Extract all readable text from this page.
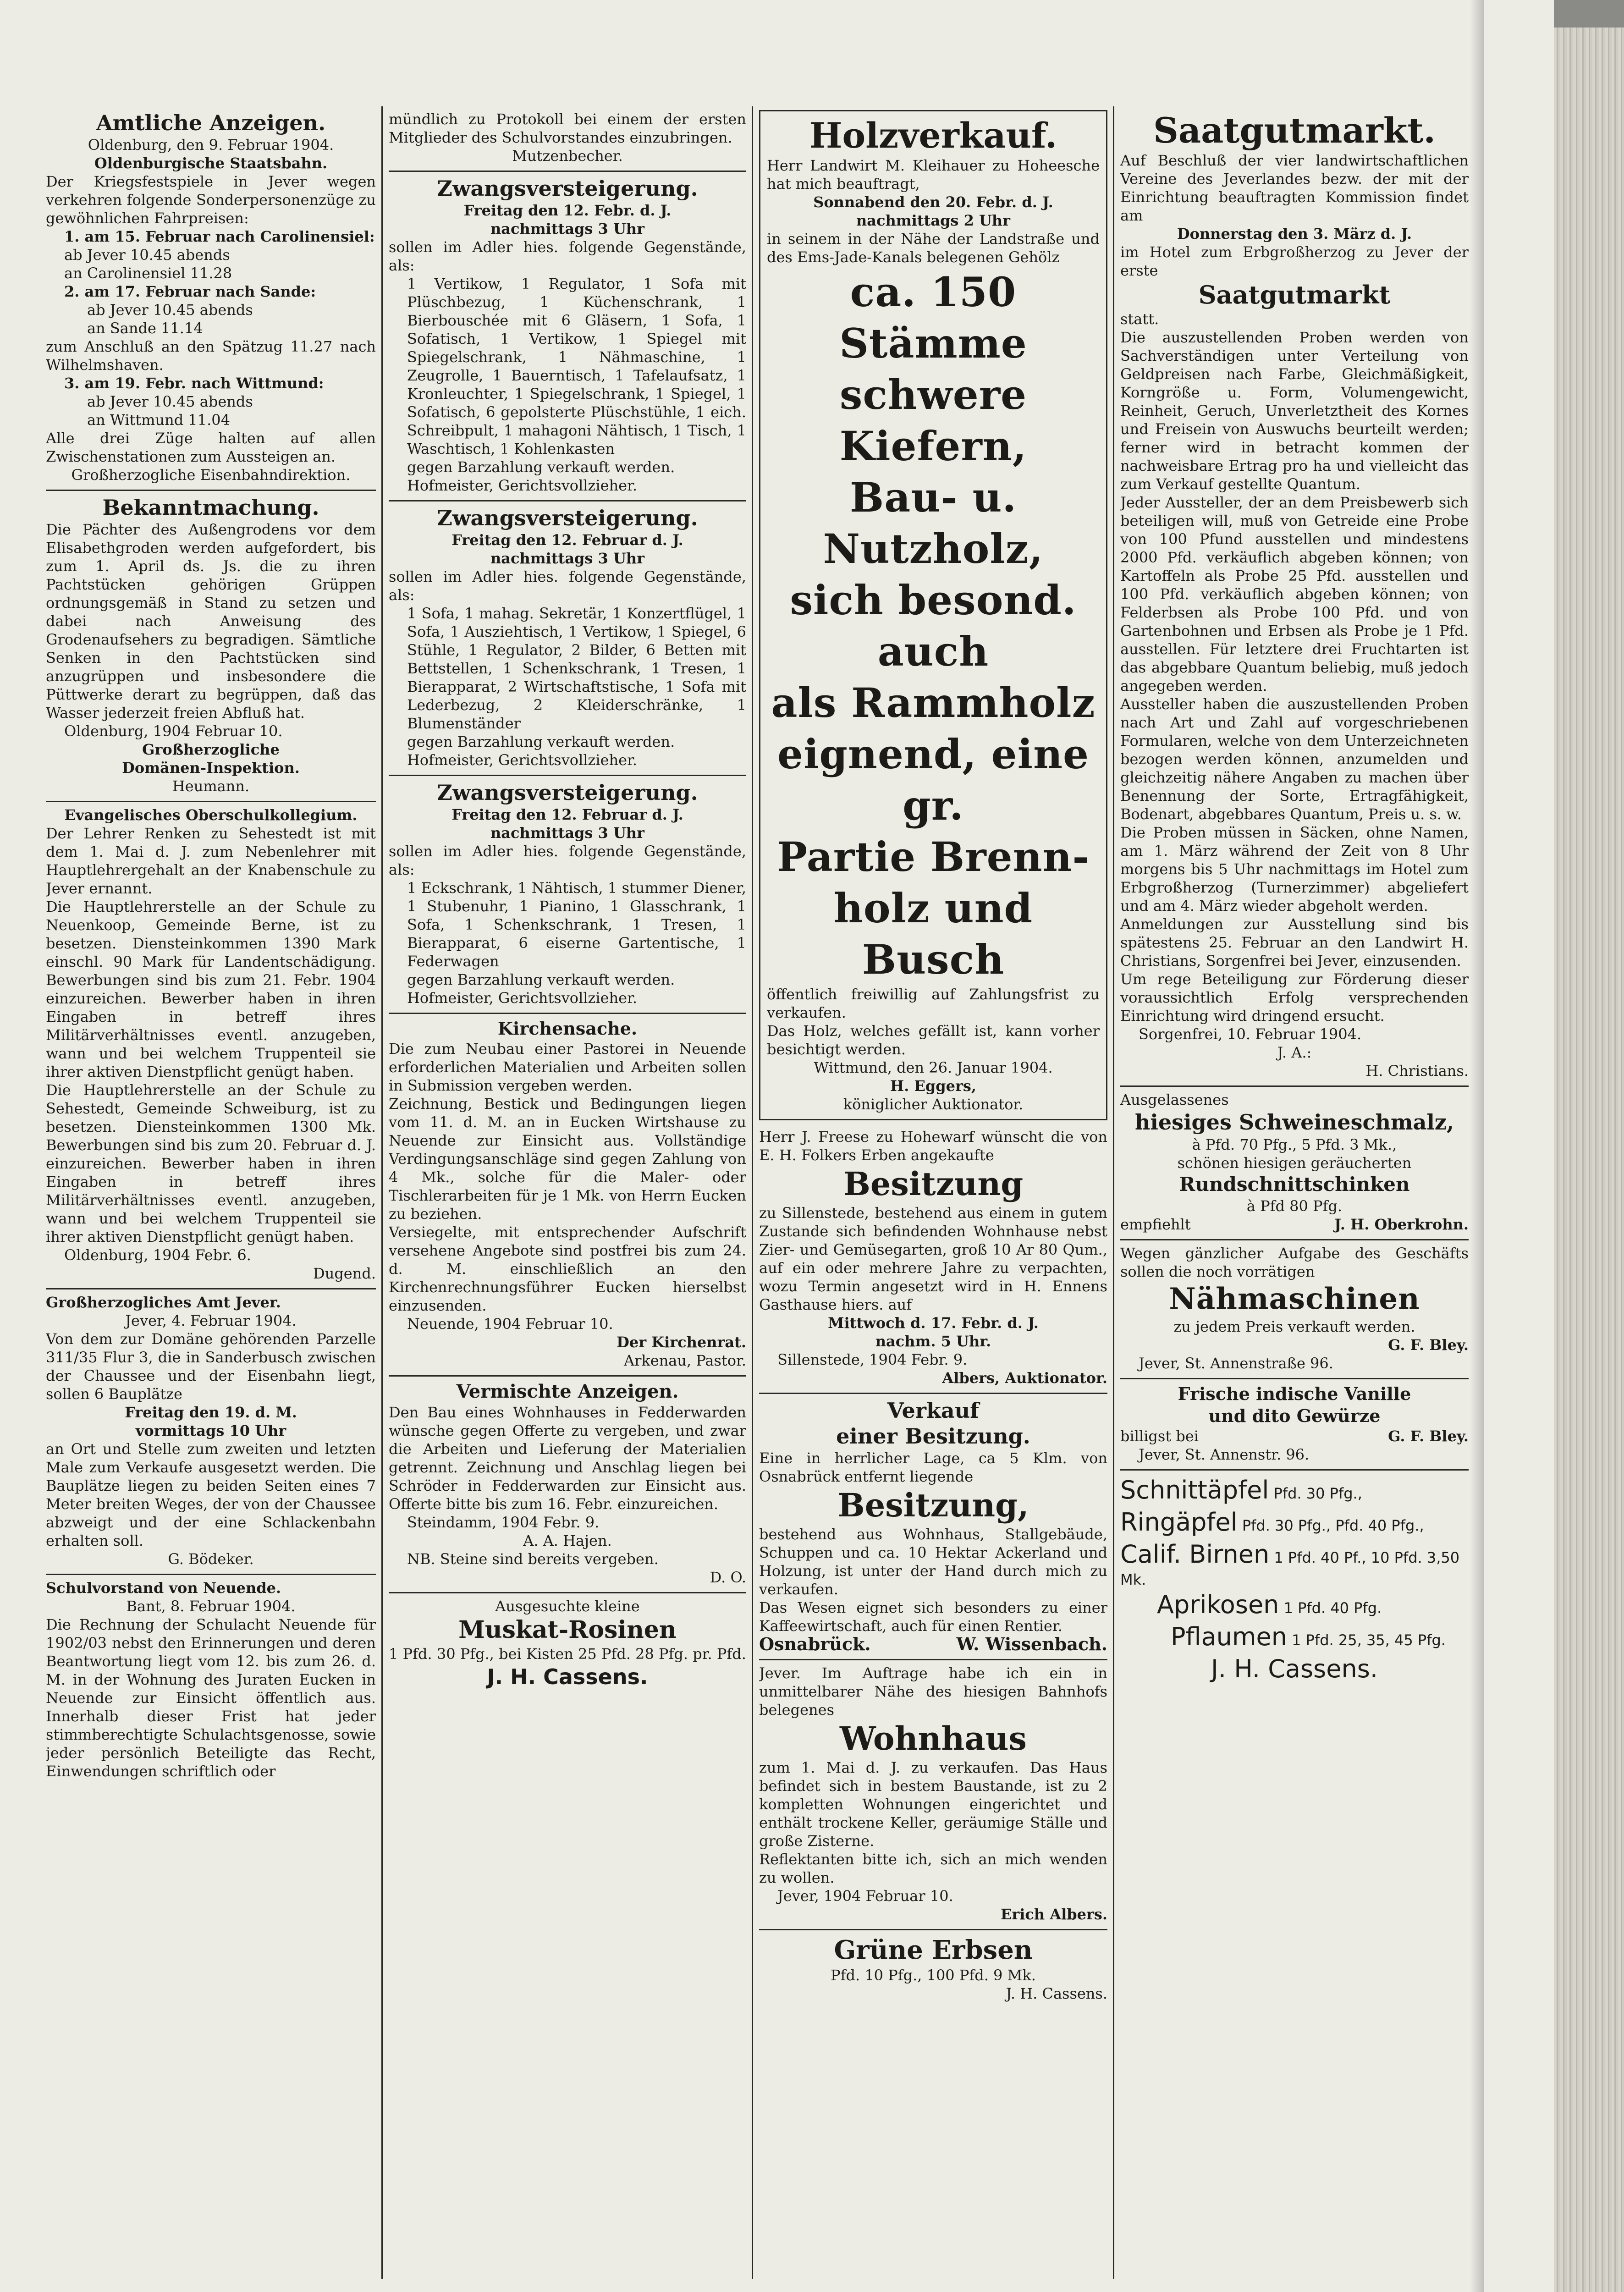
Amtliche Anzeigen.

Oldenburg, den 9. Februar 1904.

Oldenburgische Staatsbahn.

Der Kriegsfestspiele in Jever wegen verkehren folgende Sonderpersonenzüge zu gewöhnlichen Fahrpreisen:

1. am 15. Februar nach Carolinensiel:

ab Jever 10.45 abends

an Carolinensiel 11.28

2. am 17. Februar nach Sande:

ab Jever 10.45 abends

an Sande 11.14

zum Anschluß an den Spätzug 11.27 nach Wilhelmshaven.

3. am 19. Febr. nach Wittmund:

ab Jever 10.45 abends

an Wittmund 11.04

Alle drei Züge halten auf allen Zwischenstationen zum Aussteigen an.

Großherzogliche Eisenbahndirektion.

Bekanntmachung.

Die Pächter des Außengrodens vor dem Elisabethgroden werden aufgefordert, bis zum 1. April ds. Js. die zu ihren Pachtstücken gehörigen Grüppen ordnungsgemäß in Stand zu setzen und dabei nach Anweisung des Grodenaufsehers zu begradigen. Sämtliche Senken in den Pachtstücken sind anzugrüppen und insbesondere die Püttwerke derart zu begrüppen, daß das Wasser jederzeit freien Abfluß hat.

Oldenburg, 1904 Februar 10.

Großherzogliche

Domänen-Inspektion.

Heumann.

Evangelisches Oberschulkollegium.

Der Lehrer Renken zu Sehestedt ist mit dem 1. Mai d. J. zum Nebenlehrer mit Hauptlehrergehalt an der Knabenschule zu Jever ernannt.

Die Hauptlehrerstelle an der Schule zu Neuenkoop, Gemeinde Berne, ist zu besetzen. Diensteinkommen 1390 Mark einschl. 90 Mark für Landentschädigung. Bewerbungen sind bis zum 21. Febr. 1904 einzureichen. Bewerber haben in ihren Eingaben in betreff ihres Militärverhältnisses eventl. anzugeben, wann und bei welchem Truppenteil sie ihrer aktiven Dienstpflicht genügt haben.

Die Hauptlehrerstelle an der Schule zu Sehestedt, Gemeinde Schweiburg, ist zu besetzen. Diensteinkommen 1300 Mk. Bewerbungen sind bis zum 20. Februar d. J. einzureichen. Bewerber haben in ihren Eingaben in betreff ihres Militärverhältnisses eventl. anzugeben, wann und bei welchem Truppenteil sie ihrer aktiven Dienstpflicht genügt haben.

Oldenburg, 1904 Febr. 6.

Dugend.

Großherzogliches Amt Jever.

Jever, 4. Februar 1904.

Von dem zur Domäne gehörenden Parzelle 311/35 Flur 3, die in Sanderbusch zwischen der Chaussee und der Eisenbahn liegt, sollen 6 Bauplätze

Freitag den 19. d. M.

vormittags 10 Uhr

an Ort und Stelle zum zweiten und letzten Male zum Verkaufe ausgesetzt werden. Die Bauplätze liegen zu beiden Seiten eines 7 Meter breiten Weges, der von der Chaussee abzweigt und der eine Schlackenbahn erhalten soll.

G. Bödeker.

Schulvorstand von Neuende.

Bant, 8. Februar 1904.

Die Rechnung der Schulacht Neuende für 1902/03 nebst den Erinnerungen und deren Beantwortung liegt vom 12. bis zum 26. d. M. in der Wohnung des Juraten Eucken in Neuende zur Einsicht öffentlich aus. Innerhalb dieser Frist hat jeder stimmberechtigte Schulachtsgenosse, sowie jeder persönlich Beteiligte das Recht, Einwendungen schriftlich oder

mündlich zu Protokoll bei einem der ersten Mitglieder des Schulvorstandes einzubringen.

Mutzenbecher.

Zwangsversteigerung.

Freitag den 12. Febr. d. J.

nachmittags 3 Uhr

sollen im Adler hies. folgende Gegenstände, als:

1 Vertikow, 1 Regulator, 1 Sofa mit Plüschbezug, 1 Küchenschrank, 1 Bierbouschée mit 6 Gläsern, 1 Sofa, 1 Sofatisch, 1 Vertikow, 1 Spiegel mit Spiegelschrank, 1 Nähmaschine, 1 Zeugrolle, 1 Bauerntisch, 1 Tafelaufsatz, 1 Kronleuchter, 1 Spiegelschrank, 1 Spiegel, 1 Sofatisch, 6 gepolsterte Plüschstühle, 1 eich. Schreibpult, 1 mahagoni Nähtisch, 1 Tisch, 1 Waschtisch, 1 Kohlenkasten

gegen Barzahlung verkauft werden.

Hofmeister, Gerichtsvollzieher.

Zwangsversteigerung.

Freitag den 12. Februar d. J.

nachmittags 3 Uhr

sollen im Adler hies. folgende Gegenstände, als:

1 Sofa, 1 mahag. Sekretär, 1 Konzertflügel, 1 Sofa, 1 Ausziehtisch, 1 Vertikow, 1 Spiegel, 6 Stühle, 1 Regulator, 2 Bilder, 6 Betten mit Bettstellen, 1 Schenkschrank, 1 Tresen, 1 Bierapparat, 2 Wirtschaftstische, 1 Sofa mit Lederbezug, 2 Kleiderschränke, 1 Blumenständer

gegen Barzahlung verkauft werden.

Hofmeister, Gerichtsvollzieher.

Zwangsversteigerung.

Freitag den 12. Februar d. J.

nachmittags 3 Uhr

sollen im Adler hies. folgende Gegenstände, als:

1 Eckschrank, 1 Nähtisch, 1 stummer Diener, 1 Stubenuhr, 1 Pianino, 1 Glasschrank, 1 Sofa, 1 Schenkschrank, 1 Tresen, 1 Bierapparat, 6 eiserne Gartentische, 1 Federwagen

gegen Barzahlung verkauft werden.

Hofmeister, Gerichtsvollzieher.

Kirchensache.

Die zum Neubau einer Pastorei in Neuende erforderlichen Materialien und Arbeiten sollen in Submission vergeben werden.

Zeichnung, Bestick und Bedingungen liegen vom 11. d. M. an in Eucken Wirtshause zu Neuende zur Einsicht aus. Vollständige Verdingungsanschläge sind gegen Zahlung von 4 Mk., solche für die Maler- oder Tischlerarbeiten für je 1 Mk. von Herrn Eucken zu beziehen.

Versiegelte, mit entsprechender Aufschrift versehene Angebote sind postfrei bis zum 24. d. M. einschließlich an den Kirchenrechnungsführer Eucken hierselbst einzusenden.

Neuende, 1904 Februar 10.

Der Kirchenrat.

Arkenau, Pastor.

Vermischte Anzeigen.

Den Bau eines Wohnhauses in Fedderwarden wünsche gegen Offerte zu vergeben, und zwar die Arbeiten und Lieferung der Materialien getrennt. Zeichnung und Anschlag liegen bei Schröder in Fedderwarden zur Einsicht aus. Offerte bitte bis zum 16. Febr. einzureichen.

Steindamm, 1904 Febr. 9.

A. A. Hajen.

NB. Steine sind bereits vergeben.

D. O.

Ausgesuchte kleine

Muskat-Rosinen

1 Pfd. 30 Pfg., bei Kisten 25 Pfd. 28 Pfg. pr. Pfd.

J. H. Cassens.

Holzverkauf.

Herr Landwirt M. Kleihauer zu Hoheesche hat mich beauftragt,

Sonnabend den 20. Febr. d. J.

nachmittags 2 Uhr

in seinem in der Nähe der Landstraße und des Ems-Jade-Kanals belegenen Gehölz

ca. 150 Stämme
schwere Kiefern,
Bau- u. Nutzholz,
sich besond. auch
als Rammholz
eignend, eine gr.
Partie Brenn-
holz und Busch

öffentlich freiwillig auf Zahlungsfrist zu verkaufen.

Das Holz, welches gefällt ist, kann vorher besichtigt werden.

Wittmund, den 26. Januar 1904.

H. Eggers,

königlicher Auktionator.

Herr J. Freese zu Hohewarf wünscht die von E. H. Folkers Erben angekaufte

Besitzung

zu Sillenstede, bestehend aus einem in gutem Zustande sich befindenden Wohnhause nebst Zier- und Gemüsegarten, groß 10 Ar 80 Qum., auf ein oder mehrere Jahre zu verpachten, wozu Termin angesetzt wird in H. Ennens Gasthause hiers. auf

Mittwoch d. 17. Febr. d. J.

nachm. 5 Uhr.

Sillenstede, 1904 Febr. 9.

Albers, Auktionator.

Verkauf
einer Besitzung.

Eine in herrlicher Lage, ca 5 Klm. von Osnabrück entfernt liegende

Besitzung,

bestehend aus Wohnhaus, Stallgebäude, Schuppen und ca. 10 Hektar Ackerland und Holzung, ist unter der Hand durch mich zu verkaufen.

Das Wesen eignet sich besonders zu einer Kaffeewirtschaft, auch für einen Rentier.

Osnabrück.	W. Wissenbach.

Jever. Im Auftrage habe ich ein in unmittelbarer Nähe des hiesigen Bahnhofs belegenes

Wohnhaus

zum 1. Mai d. J. zu verkaufen. Das Haus befindet sich in bestem Baustande, ist zu 2 kompletten Wohnungen eingerichtet und enthält trockene Keller, geräumige Ställe und große Zisterne.

Reflektanten bitte ich, sich an mich wenden zu wollen.

Jever, 1904 Februar 10.

Erich Albers.

Grüne Erbsen

Pfd. 10 Pfg., 100 Pfd. 9 Mk.

J. H. Cassens.

Saatgutmarkt.

Auf Beschluß der vier landwirtschaftlichen Vereine des Jeverlandes bezw. der mit der Einrichtung beauftragten Kommission findet am

Donnerstag den 3. März d. J.

im Hotel zum Erbgroßherzog zu Jever der erste

Saatgutmarkt

statt.

Die auszustellenden Proben werden von Sachverständigen unter Verteilung von Geldpreisen nach Farbe, Gleichmäßigkeit, Korngröße u. Form, Volumengewicht, Reinheit, Geruch, Unverletztheit des Kornes und Freisein von Auswuchs beurteilt werden; ferner wird in betracht kommen der nachweisbare Ertrag pro ha und vielleicht das zum Verkauf gestellte Quantum.

Jeder Aussteller, der an dem Preisbewerb sich beteiligen will, muß von Getreide eine Probe von 100 Pfund ausstellen und mindestens 2000 Pfd. verkäuflich abgeben können; von Kartoffeln als Probe 25 Pfd. ausstellen und 100 Pfd. verkäuflich abgeben können; von Felderbsen als Probe 100 Pfd. und von Gartenbohnen und Erbsen als Probe je 1 Pfd. ausstellen. Für letztere drei Fruchtarten ist das abgebbare Quantum beliebig, muß jedoch angegeben werden.

Aussteller haben die auszustellenden Proben nach Art und Zahl auf vorgeschriebenen Formularen, welche von dem Unterzeichneten bezogen werden können, anzumelden und gleichzeitig nähere Angaben zu machen über Benennung der Sorte, Ertragfähigkeit, Bodenart, abgebbares Quantum, Preis u. s. w.

Die Proben müssen in Säcken, ohne Namen, am 1. März während der Zeit von 8 Uhr morgens bis 5 Uhr nachmittags im Hotel zum Erbgroßherzog (Turnerzimmer) abgeliefert und am 4. März wieder abgeholt werden.

Anmeldungen zur Ausstellung sind bis spätestens 25. Februar an den Landwirt H. Christians, Sorgenfrei bei Jever, einzusenden.

Um rege Beteiligung zur Förderung dieser voraussichtlich Erfolg versprechenden Einrichtung wird dringend ersucht.

Sorgenfrei, 10. Februar 1904.

J. A.:

H. Christians.

Ausgelassenes

hiesiges Schweineschmalz,

à Pfd. 70 Pfg., 5 Pfd. 3 Mk.,

schönen hiesigen geräucherten

Rundschnittschinken

à Pfd 80 Pfg.

empfiehlt	J. H. Oberkrohn.

Wegen gänzlicher Aufgabe des Geschäfts sollen die noch vorrätigen

Nähmaschinen

zu jedem Preis verkauft werden.

G. F. Bley.

Jever, St. Annenstraße 96.

Frische indische Vanille

und dito Gewürze

billigst bei	G. F. Bley.

Jever, St. Annenstr. 96.

Schnittäpfel Pfd. 30 Pfg.,

Ringäpfel Pfd. 30 Pfg., Pfd. 40 Pfg.,

Calif. Birnen 1 Pfd. 40 Pf., 10 Pfd. 3,50 Mk.

Aprikosen 1 Pfd. 40 Pfg.

Pflaumen 1 Pfd. 25, 35, 45 Pfg.

J. H. Cassens.
